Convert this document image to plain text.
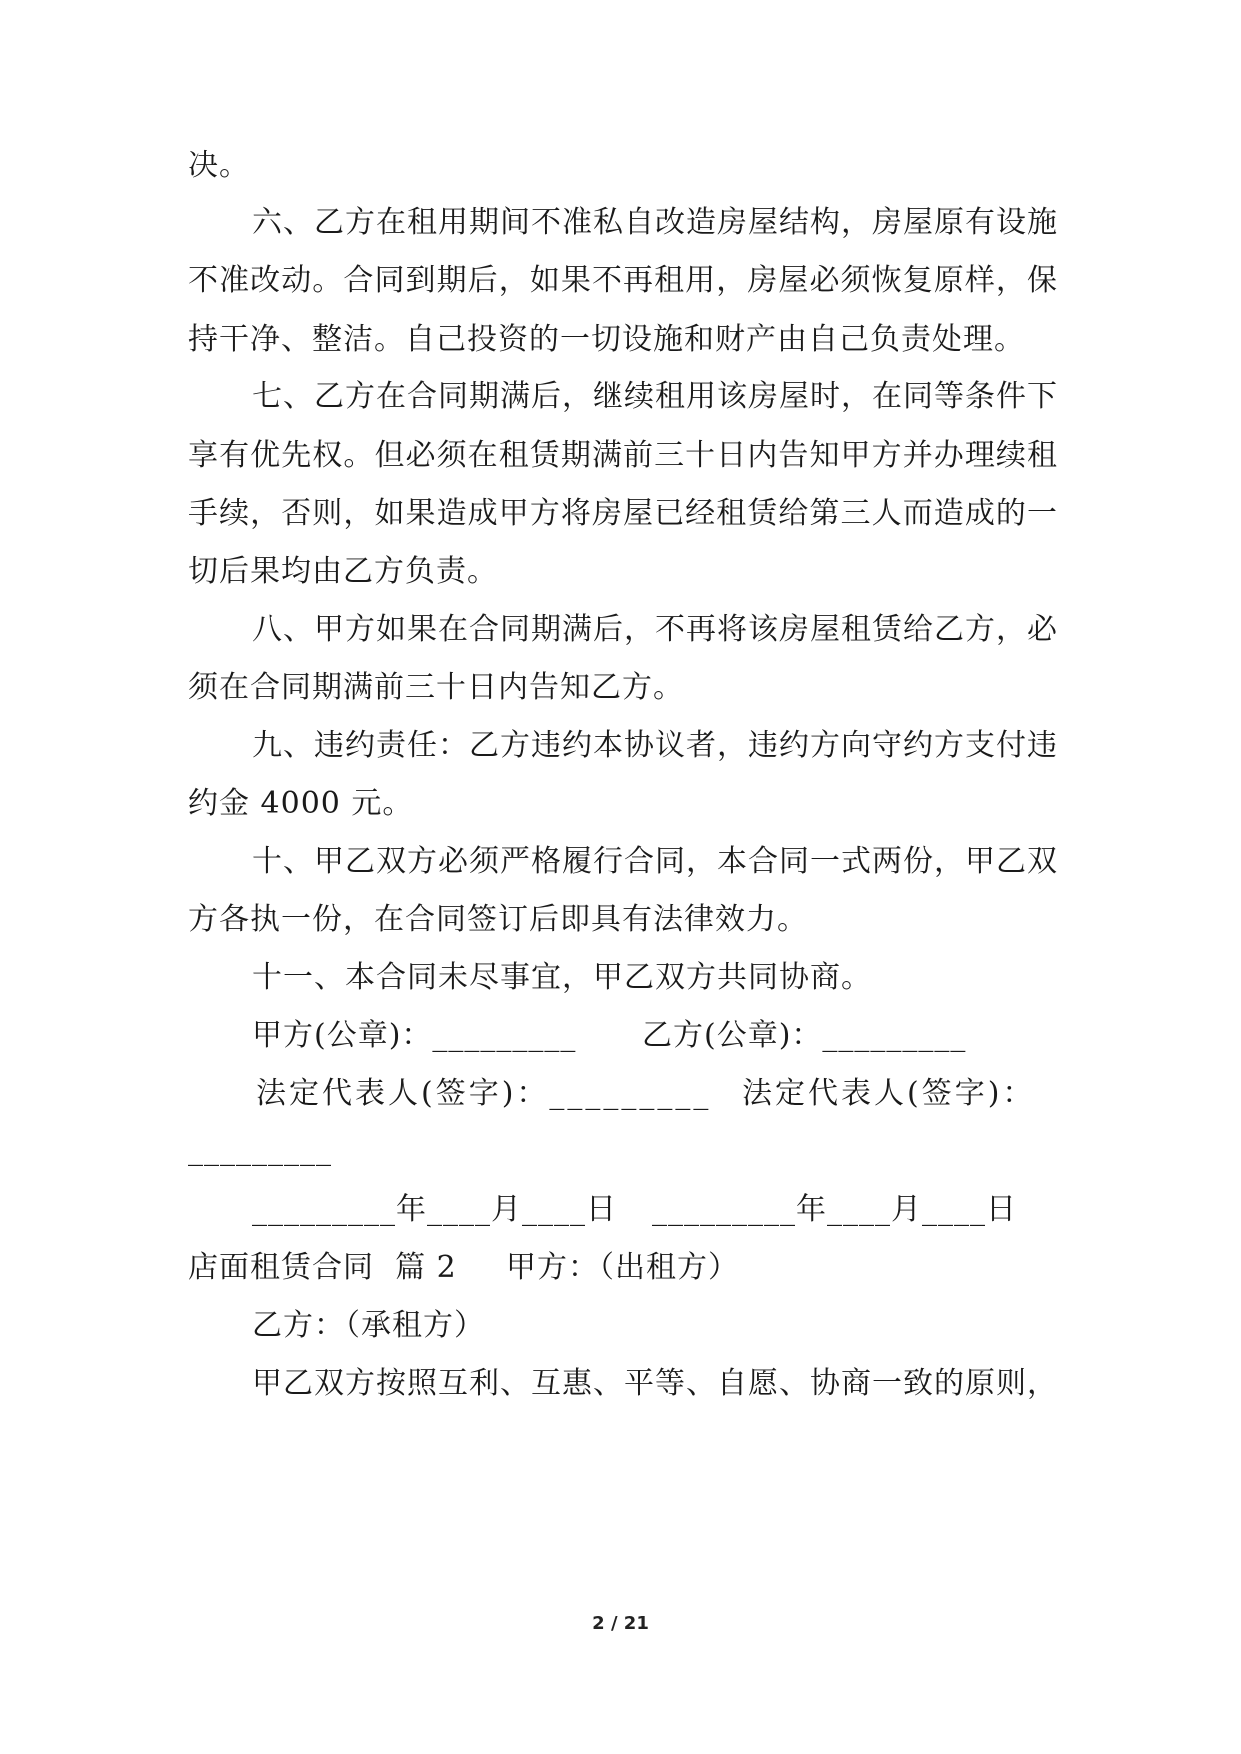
决。
六、乙方在租用期间不准私自改造房屋结构，房屋原有设施
不准改动。合同到期后，如果不再租用，房屋必须恢复原样，保
持干净、整洁。自己投资的一切设施和财产由自己负责处理。
七、乙方在合同期满后，继续租用该房屋时，在同等条件下
享有优先权。但必须在租赁期满前三十日内告知甲方并办理续租
手续，否则，如果造成甲方将房屋已经租赁给第三人而造成的一
切后果均由乙方负责。
八、甲方如果在合同期满后，不再将该房屋租赁给乙方，必
须在合同期满前三十日内告知乙方。
九、违约责任：乙方违约本协议者，违约方向守约方支付违
约金 4000 元。
十、甲乙双方必须严格履行合同，本合同一式两份，甲乙双
方各执一份，在合同签订后即具有法律效力。
十一、本合同未尽事宜，甲乙双方共同协商。
甲方(公章)：_________ 乙方(公章)：_________
法定代表人(签字)：_________ 法定代表人(签字)：
_________
_________年____月____日 _________年____月____日
店面租赁合同  篇 2 甲方：（出租方）
乙方：（承租方）
甲乙双方按照互利、互惠、平等、自愿、协商一致的原则，
2 / 21
